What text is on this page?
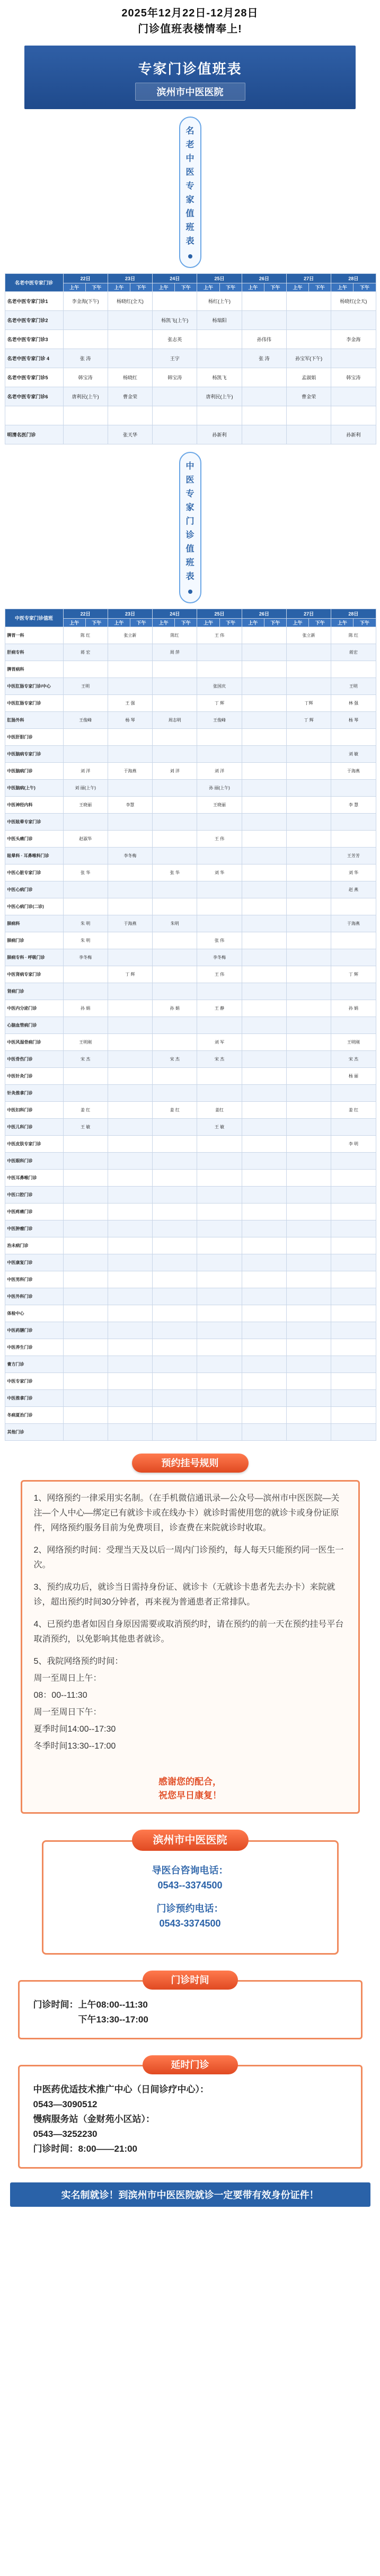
2025年12月22日-12月28日
门诊值班表楼情奉上!
专家门诊值班表
滨州市中医医院
名
老
中
医
专
家
值
班
表
名老中医专家门诊	22日		23日		24日		25日		26日		27日		28日	
	上午	下午	上午	下午	上午	下午	上午	下午	上午	下午	上午	下午	上午	下午
名老中医专家门诊1	李金海(下午)		杨晓红(全天)				杨红(上午)						杨晓红(全天)	
名老中医专家门诊2					杨凯飞(上午)		杨瑞阳							
名老中医专家门诊3					张志英				孙伟伟				李金海	
名老中医专家门诊 4	张 涛				王宇				张 涛		孙宝军(下午)			
名老中医专家门诊5	韩宝涛		杨晓红		韩宝涛		杨凯飞				孟淑娟		韩宝涛	
名老中医专家门诊6	唐利民(上午)		曹金荣				唐利民(上午)				曹金荣			

明清名医门诊			张天华				孙新利						孙新利	
中
医
专
家
门
诊
值
班
表
中医专家门诊值班	22日		23日		24日		25日		26日		27日		28日	
	上午	下午	上午	下午	上午	下午	上午	下午	上午	下午	上午	下午	上午	下午
脾胃一科	陈 红		张立新		陈红		王 伟				张立新		陈 红	
肝病专科	蒋 宏				周 萍								蒋宏	
脾胃病科														
中医肛肠专家门诊/中心	王明						张国庆						王明	
中医肛肠专家门诊			王 强				丁 辉				丁辉		林 强	
肛肠外科	王俊峰		杨 琴		周志明		王俊峰				丁 辉		杨 琴	
中医肝胆门诊														
中医脑病专家门诊													刘 敏	
中医脑病门诊	刘 洋		于海燕		刘 洋		刘 洋						于海燕	
中医脑病(上午)	刘 丽(上午)						孙 丽(上午)							
中医神经内科	王晓丽		李慧				王晓丽						李 慧	
中医眩晕专家门诊														
中医头痛门诊	赵淑华						王 伟							
眩晕科 · 耳鼻喉科门诊			李冬梅										王芳芳	
中医心脏专家门诊	张 华				张 华		刘 华						刘 华	
中医心病门诊													赵 燕	
中医心病门诊(二诊)														
肺病科	朱 明		于海燕		朱明								于海燕	
肺病门诊	朱 明						张 伟							
肺病专科 · 呼吸门诊	李冬梅						李冬梅							
中医肾病专家门诊			丁 辉				王 伟						丁 辉	
肾病门诊														
中医内分泌门诊	孙 娟				孙 娟		王 静						孙 娟	
心脑血管病门诊														
中医风湿骨病门诊	王明刚						刘 军						王明刚	
中医骨伤门诊	宋 杰				宋 杰		宋 杰						宋 杰	
中医针灸门诊													杨 丽	
针灸推拿门诊														
中医妇科门诊	姜 红				姜 红		姜红						姜 红	
中医儿科门诊	王 敏						王 敏							
中医皮肤专家门诊													李 明	
中医眼科门诊														
中医耳鼻喉门诊														
中医口腔门诊														
中医疼痛门诊														
中医肿瘤门诊														
治未病门诊														
中医康复门诊														
中医男科门诊														
中医外科门诊														
体检中心														
中医药膳门诊														
中医养生门诊														
膏方门诊														
中医专家门诊														
中医推拿门诊														
冬病夏治门诊														
其他门诊														
预约挂号规则

1、网络预约一律采用实名制。（在手机微信通讯录—公众号—滨州市中医医院—关注—个人中心—绑定已有就诊卡或在线办卡）就诊时需使用您的就诊卡或身份证原件，网络预约服务目前为免费项目，诊查费在来院就诊时收取。

2、网络预约时间：受理当天及以后一周内门诊预约，每人每天只能预约同一医生一次。

3、预约成功后，就诊当日需持身份证、就诊卡（无就诊卡患者先去办卡）来院就诊，超出预约时间30分钟者，再来视为普通患者正常排队。

4、已预约患者如因自身原因需要或取消预约时，请在预约的前一天在预约挂号平台取消预约，以免影响其他患者就诊。

5、我院网络预约时间：

周一至周日上午：

08：00--11:30

周一至周日下午：

夏季时间14:00--17:30

冬季时间13:30--17:00

感谢您的配合，
祝您早日康复！
滨州市中医医院
导医台咨询电话：
0543--3374500
门诊预约电话：
0543-3374500
门诊时间

门诊时间：上午08:00--11:30

下午13:30--17:00

延时门诊

中医药优适技术推广中心（日间诊疗中心）：

0543—3090512

慢病服务站（金财苑小区站）：

0543—3252230

门诊时间：8:00——21:00

实名制就诊！到滨州市中医医院就诊一定要带有效身份证件！
